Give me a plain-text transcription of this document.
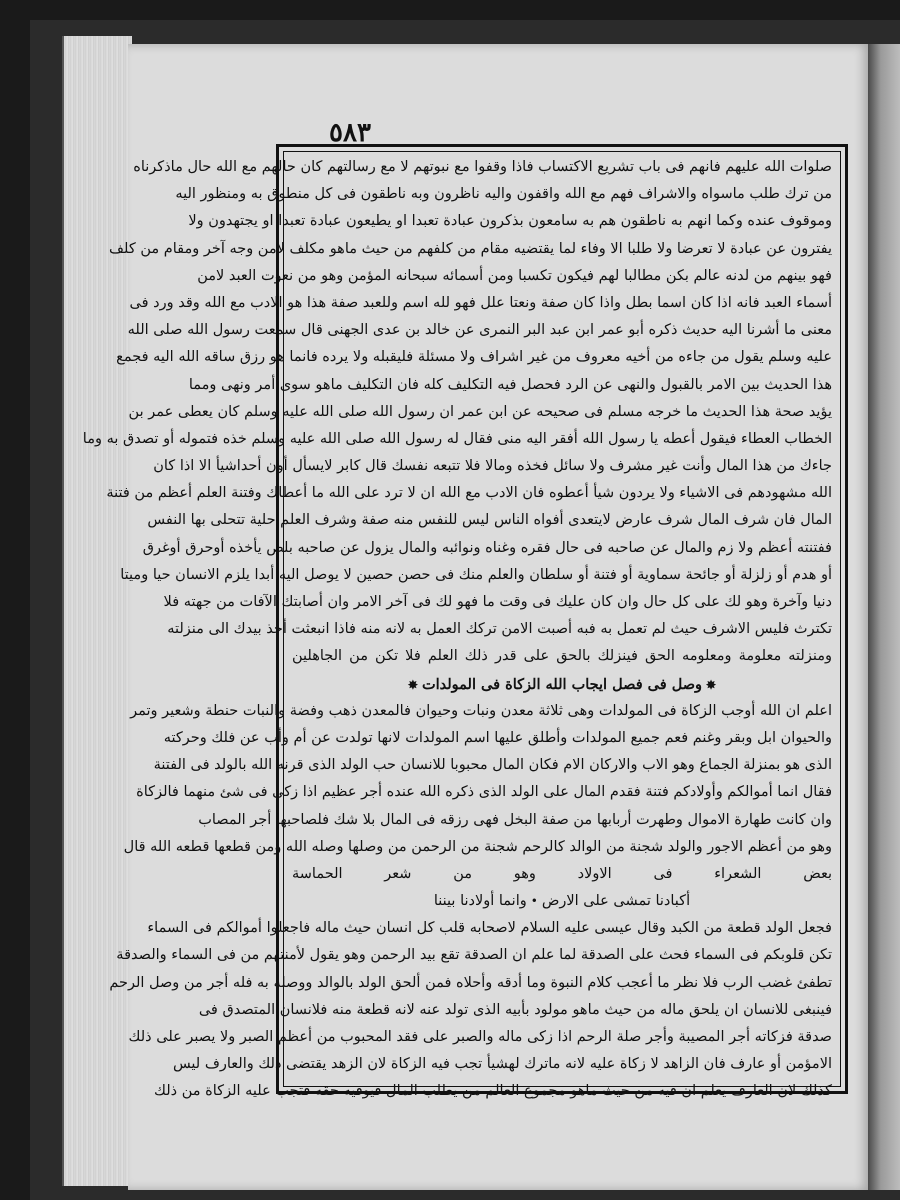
٥٨٣
صلوات الله عليهم فانهم فى باب تشريع الاكتساب فاذا وقفوا مع نبوتهم لا مع رسالتهم كان حالهم مع الله حال ماذكرناه
من ترك طلب ماسواه والاشراف فهم مع الله واقفون واليه ناظرون وبه ناطقون فى كل منطوق به ومنظور اليه
وموقوف عنده وكما انهم به ناطقون هم به سامعون بذكرون عبادة تعبدا او يطيعون عبادة تعبدا او يجتهدون ولا
يفترون عن عبادة لا تعرضا ولا طلبا الا وفاء لما يقتضيه مقام من كلفهم من حيث ماهو مكلف لامن وجه آخر ومقام من كلف
فهو بينهم من لدنه عالم بكن مطالبا لهم فيكون تكسبا ومن أسمائه سبحانه المؤمن وهو من نعوت العبد لامن
أسماء العبد فانه اذا كان اسما بطل واذا كان صفة ونعتا علل فهو لله اسم وللعبد صفة هذا هو الادب مع الله وقد ورد فى
معنى ما أشرنا اليه حديث ذكره أبو عمر ابن عبد البر النمرى عن خالد بن عدى الجهنى قال سمعت رسول الله صلى الله
عليه وسلم يقول من جاءه من أخيه معروف من غير اشراف ولا مسئلة فليقبله ولا يرده فانما هو رزق ساقه الله اليه فجمع
هذا الحديث بين الامر بالقبول والنهى عن الرد فحصل فيه التكليف كله فان التكليف ماهو سوى أمر ونهى ومما
يؤيد صحة هذا الحديث ما خرجه مسلم فى صحيحه عن ابن عمر ان رسول الله صلى الله عليه وسلم كان يعطى عمر بن
الخطاب العطاء فيقول أعطه يا رسول الله أفقر اليه منى فقال له رسول الله صلى الله عليه وسلم خذه فتموله أو تصدق به وما
جاءك من هذا المال وأنت غير مشرف ولا سائل فخذه ومالا فلا تتبعه نفسك قال كابر لايسأل أون أحداشيأ الا اذا كان
الله مشهودهم فى الاشياء ولا يردون شيأ أعطوه فان الادب مع الله ان لا ترد على الله ما أعطاك وفتنة العلم أعظم من فتنة
المال فان شرف المال شرف عارض لايتعدى أفواه الناس ليس للنفس منه صفة وشرف العلم حلية تتحلى بها النفس
ففتنته أعظم ولا زم والمال عن صاحبه فى حال فقره وغناه ونوائبه والمال يزول عن صاحبه بلص يأخذه أوحرق أوغرق
أو هدم أو زلزلة أو جائحة سماوية أو فتنة أو سلطان والعلم منك فى حصن حصين لا يوصل اليه أبدا يلزم الانسان حيا وميتا
دنيا وآخرة وهو لك على كل حال وان كان عليك فى وقت ما فهو لك فى آخر الامر وان أصابتك الآفات من جهته فلا
تكترث فليس الاشرف حيث لم تعمل به فبه أصبت الامن تركك العمل به لانه منه فاذا انبعثت أخذ بيدك الى منزلته
ومنزلته معلومة ومعلومه الحق فينزلك بالحق على قدر ذلك العلم فلا تكن من الجاهلين
✸وصل فى فصل ايجاب الله الزكاة فى المولدات✸
اعلم ان الله أوجب الزكاة فى المولدات وهى ثلاثة معدن ونبات وحيوان فالمعدن ذهب وفضة والنبات حنطة وشعير وتمر
والحيوان ابل وبقر وغنم فعم جميع المولدات وأطلق عليها اسم المولدات لانها تولدت عن أم وأب عن فلك وحركته
الذى هو بمنزلة الجماع وهو الاب والاركان الام فكان المال محبوبا للانسان حب الولد الذى قرنه الله بالولد فى الفتنة
فقال انما أموالكم وأولادكم فتنة فقدم المال على الولد الذى ذكره الله عنده أجر عظيم اذا زكى فى شئ منهما فالزكاة
وان كانت طهارة الاموال وطهرت أربابها من صفة البخل فهى رزقه فى المال بلا شك فلصاحبها أجر المصاب
وهو من أعظم الاجور والولد شجنة من الوالد كالرحم شجنة من الرحمن من وصلها وصله الله ومن قطعها قطعه الله قال
بعض الشعراء فى الاولاد وهو من شعر الحماسة
أكبادنا تمشى على الارض•وانما أولادنا بيننا
فجعل الولد قطعة من الكبد وقال عيسى عليه السلام لاصحابه قلب كل انسان حيث ماله فاجعلوا أموالكم فى السماء
تكن قلوبكم فى السماء فحث على الصدقة لما علم ان الصدقة تقع بيد الرحمن وهو يقول لأمنتهم من فى السماء والصدقة
تطفئ غضب الرب فلا نظر ما أعجب كلام النبوة وما أدقه وأحلاه فمن ألحق الولد بالوالد ووصله به فله أجر من وصل الرحم
فينبغى للانسان ان يلحق ماله من حيث ماهو مولود بأبيه الذى تولد عنه لانه قطعة منه فلانسان المتصدق فى
صدقة فزكاته أجر المصيبة وأجر صلة الرحم اذا زكى ماله والصبر على فقد المحبوب من أعظم الصبر ولا يصبر على ذلك
الامؤمن أو عارف فان الزاهد لا زكاة عليه لانه ماترك لهشيأ تجب فيه الزكاة لان الزهد يقتضى ذلك والعارف ليس
كذلك لان العارف يعلم ان فيه من حيث ماهو مجموع العالم من يطلب المال فيوفيه حقه فتجب عليه الزكاة من ذلك
